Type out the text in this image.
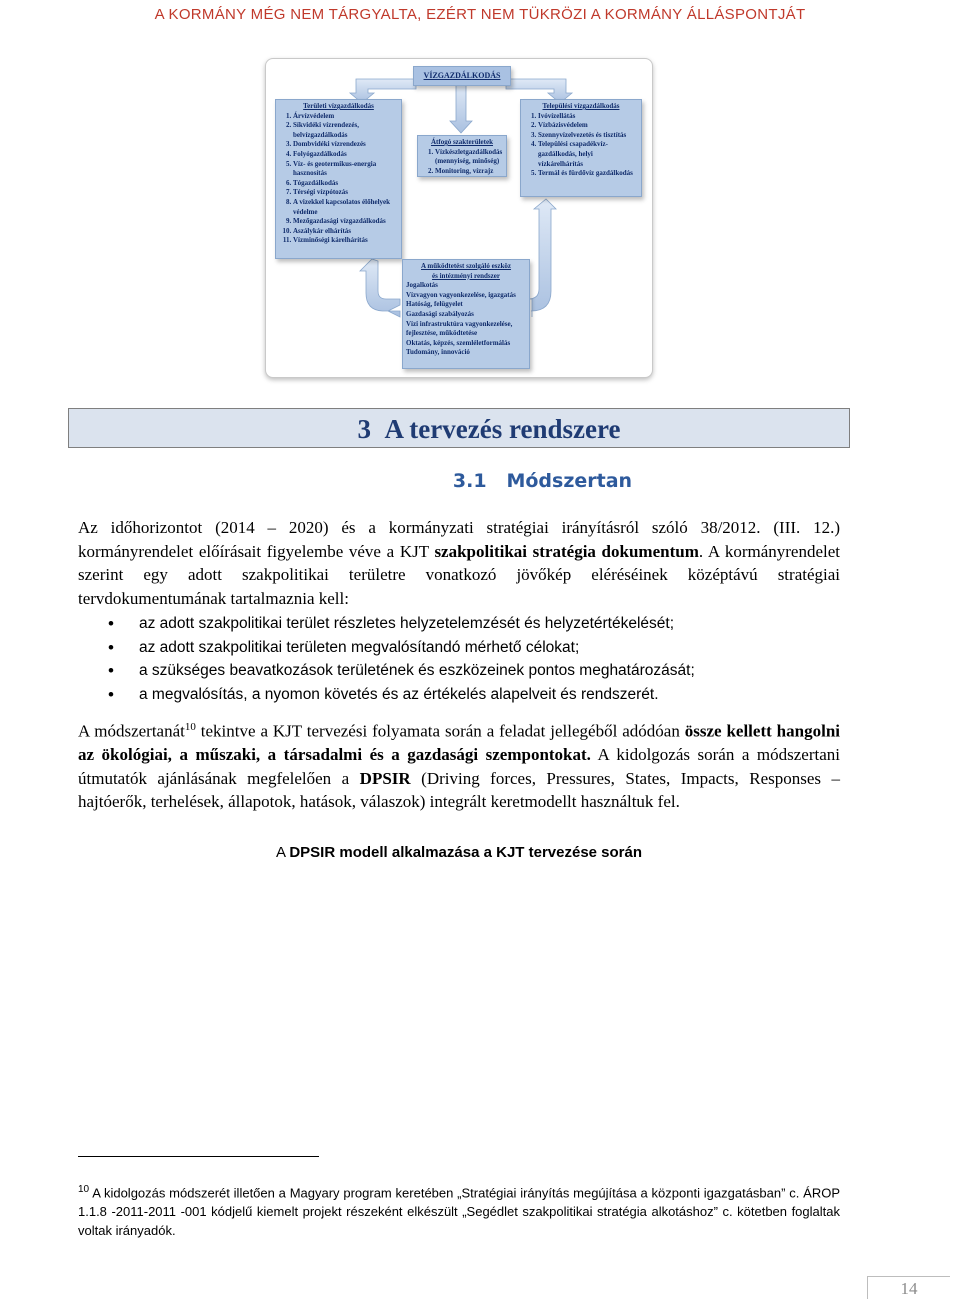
A KORMÁNY MÉG NEM TÁRGYALTA, EZÉRT NEM TÜKRÖZI A KORMÁNY ÁLLÁSPONTJÁT
VÍZGAZDÁLKODÁS
Területi vízgazdálkodás
1. Árvízvédelem
2. Síkvidéki vízrendezés, belvízgazdálkodás
3. Dombvidéki vízrendezés
4. Folyógazdálkodás
5. Víz- és geotermikus-energia hasznosítás
6. Tógazdálkodás
7. Térségi vízpótozás
8. A vizekkel kapcsolatos élőhelyek védelme
9. Mezőgazdasági vízgazdálkodás
10. Aszálykár elhárítás
11. Vízminőségi kárelhárítás
Átfogó szakterületek
1. Vízkészletgazdálkodás (mennyiség, minőség)
2. Monitoring, vízrajz
Települési vízgazdálkodás
1. Ivóvízellátás
2. Vízbázisvédelem
3. Szennyvízelvezetés és tisztítás
4. Települési csapadékvíz-gazdálkodás, helyi vízkárelhárítás
5. Termál és fürdővíz gazdálkodás
A működtetést szolgáló eszköz
és intézményi rendszer
Jogalkotás
Vízvagyon vagyonkezelése, igazgatás
Hatóság, felügyelet
Gazdasági szabályozás
Vízi infrastruktúra vagyonkezelése, fejlesztése, működtetése
Oktatás, képzés, szemléletformálás
Tudomány, innováció
3 A tervezés rendszere
3.1 Módszertan
Az időhorizontot (2014 – 2020) és a kormányzati stratégiai irányításról szóló 38/2012. (III. 12.) kormányrendelet előírásait figyelembe véve a KJT szakpolitikai stratégia dokumentum. A kormányrendelet szerint egy adott szakpolitikai területre vonatkozó jövőkép eléréséinek középtávú stratégiai tervdokumentumának tartalmaznia kell:
• az adott szakpolitikai terület részletes helyzetelemzését és helyzetértékelését;
• az adott szakpolitikai területen megvalósítandó mérhető célokat;
• a szükséges beavatkozások területének és eszközeinek pontos meghatározását;
• a megvalósítás, a nyomon követés és az értékelés alapelveit és rendszerét.
A módszertanát$^{10}$ tekintve a KJT tervezési folyamata során a feladat jellegéből adódóan össze kellett hangolni az ökológiai, a műszaki, a társadalmi és a gazdasági szempontokat. A kidolgozás során a módszertani útmutatók ajánlásának megfelelően a DPSIR (Driving forces, Pressures, States, Impacts, Responses – hajtóerők, terhelések, állapotok, hatások, válaszok) integrált keretmodellt használtuk fel.
A DPSIR modell alkalmazása a KJT tervezése során
$^{10}$ A kidolgozás módszerét illetően a Magyary program keretében „Stratégiai irányítás megújítása a központi igazgatásban” c. ÁROP 1.1.8 -2011-2011 -001 kódjelű kiemelt projekt részeként elkészült „Segédlet szakpolitikai stratégia alkotáshoz” c. kötetben foglaltak voltak irányadók.
14
